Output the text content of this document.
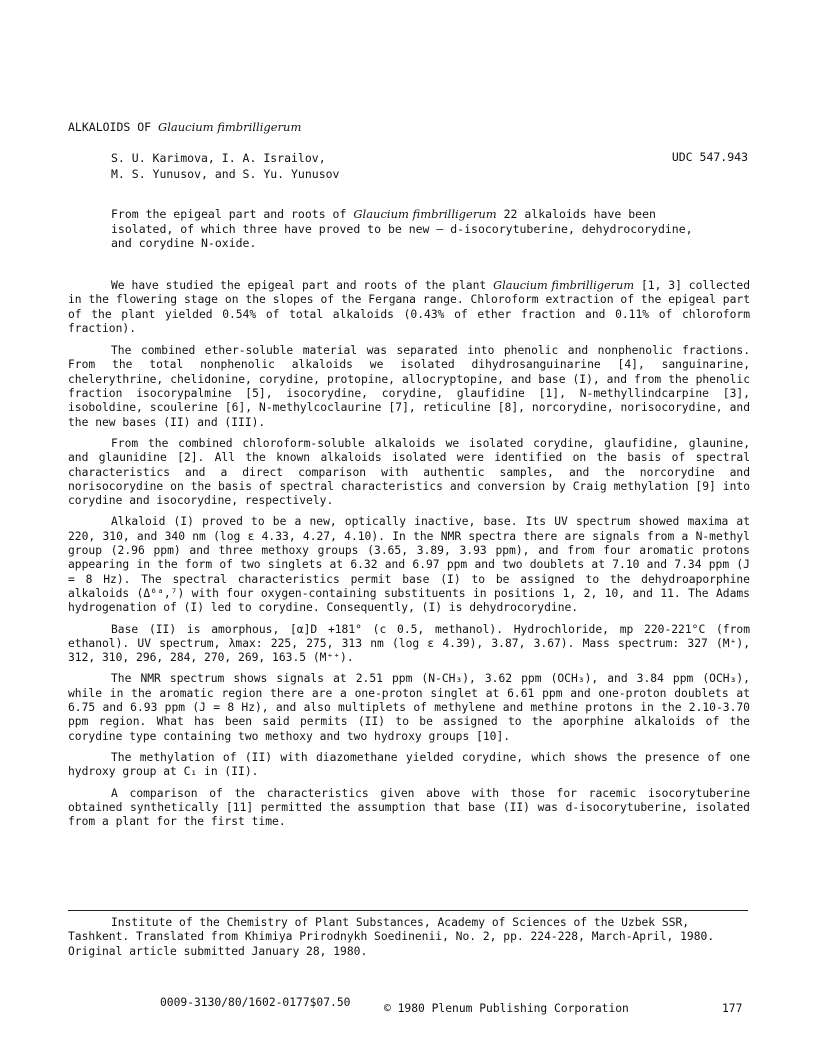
ALKALOIDS OF Glaucium fimbrilligerum
S. U. Karimova, I. A. Israilov,
M. S. Yunusov, and S. Yu. Yunusov
UDC 547.943
From the epigeal part and roots of Glaucium fimbrilligerum 22 alkaloids have been isolated, of which three have proved to be new — d-isocorytuberine, dehydrocorydine, and corydine N-oxide.

We have studied the epigeal part and roots of the plant Glaucium fimbrilligerum [1, 3] collected in the flowering stage on the slopes of the Fergana range. Chloroform extraction of the epigeal part of the plant yielded 0.54% of total alkaloids (0.43% of ether fraction and 0.11% of chloroform fraction).

The combined ether-soluble material was separated into phenolic and nonphenolic fractions. From the total nonphenolic alkaloids we isolated dihydrosanguinarine [4], sanguinarine, chelerythrine, chelidonine, corydine, protopine, allocryptopine, and base (I), and from the phenolic fraction isocorypalmine [5], isocorydine, corydine, glaufidine [1], N-methyllindcarpine [3], isoboldine, scoulerine [6], N-methylcoclaurine [7], reticuline [8], norcorydine, norisocorydine, and the new bases (II) and (III).

From the combined chloroform-soluble alkaloids we isolated corydine, glaufidine, glaunine, and glaunidine [2]. All the known alkaloids isolated were identified on the basis of spectral characteristics and a direct comparison with authentic samples, and the norcorydine and norisocorydine on the basis of spectral characteristics and conversion by Craig methylation [9] into corydine and isocorydine, respectively.

Alkaloid (I) proved to be a new, optically inactive, base. Its UV spectrum showed maxima at 220, 310, and 340 nm (log ε 4.33, 4.27, 4.10). In the NMR spectra there are signals from a N-methyl group (2.96 ppm) and three methoxy groups (3.65, 3.89, 3.93 ppm), and from four aromatic protons appearing in the form of two singlets at 6.32 and 6.97 ppm and two doublets at 7.10 and 7.34 ppm (J = 8 Hz). The spectral characteristics permit base (I) to be assigned to the dehydroaporphine alkaloids (Δ⁶ᵃ,⁷) with four oxygen-containing substituents in positions 1, 2, 10, and 11. The Adams hydrogenation of (I) led to corydine. Consequently, (I) is dehydrocorydine.

Base (II) is amorphous, [α]D +181° (c 0.5, methanol). Hydrochloride, mp 220-221°C (from ethanol). UV spectrum, λmax: 225, 275, 313 nm (log ε 4.39), 3.87, 3.67). Mass spectrum: 327 (M⁺), 312, 310, 296, 284, 270, 269, 163.5 (M⁺⁺).

The NMR spectrum shows signals at 2.51 ppm (N-CH₃), 3.62 ppm (OCH₃), and 3.84 ppm (OCH₃), while in the aromatic region there are a one-proton singlet at 6.61 ppm and one-proton doublets at 6.75 and 6.93 ppm (J = 8 Hz), and also multiplets of methylene and methine protons in the 2.10-3.70 ppm region. What has been said permits (II) to be assigned to the aporphine alkaloids of the corydine type containing two methoxy and two hydroxy groups [10].

The methylation of (II) with diazomethane yielded corydine, which shows the presence of one hydroxy group at C₁ in (II).

A comparison of the characteristics given above with those for racemic isocorytuberine obtained synthetically [11] permitted the assumption that base (II) was d-isocorytuberine, isolated from a plant for the first time.

Institute of the Chemistry of Plant Substances, Academy of Sciences of the Uzbek SSR, Tashkent. Translated from Khimiya Prirodnykh Soedinenii, No. 2, pp. 224-228, March-April, 1980. Original article submitted January 28, 1980.

0009-3130/80/1602-0177$07.50	© 1980 Plenum Publishing Corporation	177
